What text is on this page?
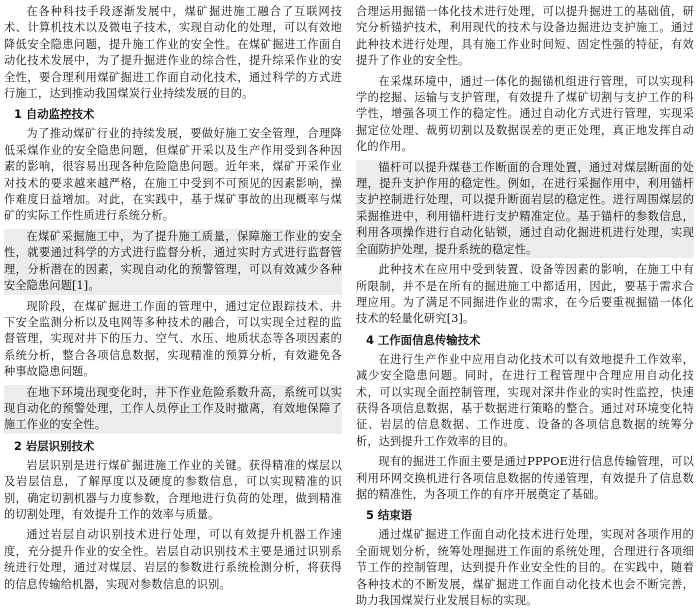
在各种科技手段逐渐发展中，煤矿掘进施工融合了互联网技术、计算机技术以及微电子技术，实现自动化的处理，可以有效地降低安全隐患问题，提升施工作业的安全性。在煤矿掘进工作面自动化技术发展中，为了提升掘进作业的综合性，提升综采作业的安全性，要合理利用煤矿掘进工作面自动化技术，通过科学的方式进行施工，达到推动我国煤炭行业持续发展的目的。

1 自动监控技术

为了推动煤矿行业的持续发展，要做好施工安全管理，合理降低采煤作业的安全隐患问题，但煤矿开采以及生产作用受到各种因素的影响，很容易出现各种危险隐患问题。近年来，煤矿开采作业对技术的要求越来越严格，在施工中受到不可预见的因素影响，操作难度日益增加。对此，在实践中，基于煤矿事故的出现概率与煤矿的实际工作性质进行系统分析。

在煤矿采掘施工中，为了提升施工质量，保障施工作业的安全性，就要通过科学的方式进行监督分析，通过实时方式进行监督管理，分析潜在的因素，实现自动化的预警管理，可以有效减少各种安全隐患问题[1]。

现阶段，在煤矿掘进工作面的管理中，通过定位跟踪技术、井下安全监测分析以及电网等多种技术的融合，可以实现全过程的监督管理，实现对井下的压力、空气、水压、地质状态等各项因素的系统分析，整合各项信息数据，实现精准的预算分析，有效避免各种事故隐患问题。

在地下环境出现变化时，井下作业危险系数升高，系统可以实现自动化的预警处理，工作人员停止工作及时撤离，有效地保障了施工作业的安全性。

2 岩层识别技术

岩层识别是进行煤矿掘进施工作业的关键。获得精准的煤层以及岩层信息，了解厚度以及硬度的参数信息，可以实现精准的识别，确定切割机器与力度参数，合理地进行负荷的处理，做到精准的切割处理，有效提升工作的效率与质量。

通过岩层自动识别技术进行处理，可以有效提升机器工作速度，充分提升作业的安全性。岩层自动识别技术主要是通过识别系统进行处理，通过对煤层、岩层的参数进行系统检测分析，将获得的信息传输给机器，实现对参数信息的识别。

合理运用掘锚一体化技术进行处理，可以提升掘进工的基础值，研究分析锚护技术，利用现代的技术与设备边掘进边支护施工。通过此种技术进行处理，具有施工作业时间短、固定性强的特征，有效提升了作业的安全性。

在采煤环境中，通过一体化的掘锚机组进行管理，可以实现科学的挖掘、运输与支护管理，有效提升了煤矿切割与支护工作的科学性，增强各项工作的稳定性。通过自动化方式进行管理，实现采掘定位处理、裁剪切割以及数据误差的更正处理，真正地发挥自动化的作用。

锚杆可以提升煤巷工作断面的合理处置，通过对煤层断面的处理，提升支护作用的稳定性。例如，在进行采掘作用中，利用锚杆支护控制进行处理，可以提升断面岩层的稳定性。进行周围煤层的采掘推进中，利用锚杆进行支护精准定位。基于锚杆的参数信息，利用各项操作进行自动化钻锁，通过自动化掘进机进行处理，实现全面防护处理，提升系统的稳定性。

此种技术在应用中受到装置、设备等因素的影响，在施工中有所限制，并不是在所有的掘进施工中都适用，因此，要基于需求合理应用。为了满足不同掘进作业的需求，在今后要重视掘锚一体化技术的轻量化研究[3]。

4 工作面信息传输技术

在进行生产作业中应用自动化技术可以有效地提升工作效率，减少安全隐患问题。同时，在进行工程管理中合理应用自动化技术，可以实现全面控制管理，实现对深井作业的实时性监控，快速获得各项信息数据，基于数据进行策略的整合。通过对环境变化特征、岩层的信息数据、工作进度、设备的各项信息数据的统筹分析，达到提升工作效率的目的。

现有的掘进工作面主要是通过PPPOE进行信息传输管理，可以利用环网交换机进行各项信息数据的传递管理，有效提升了信息数据的精准性，为各项工作的有序开展奠定了基础。

5 结束语

通过煤矿掘进工作面自动化技术进行处理，实现对各项作用的全面规划分析，统筹处理掘进工作面的系统处理，合理进行各项细节工作的控制管理，达到提升作业安全性的目的。在实践中，随着各种技术的不断发展，煤矿掘进工作面自动化技术也会不断完善，助力我国煤炭行业发展目标的实现。
